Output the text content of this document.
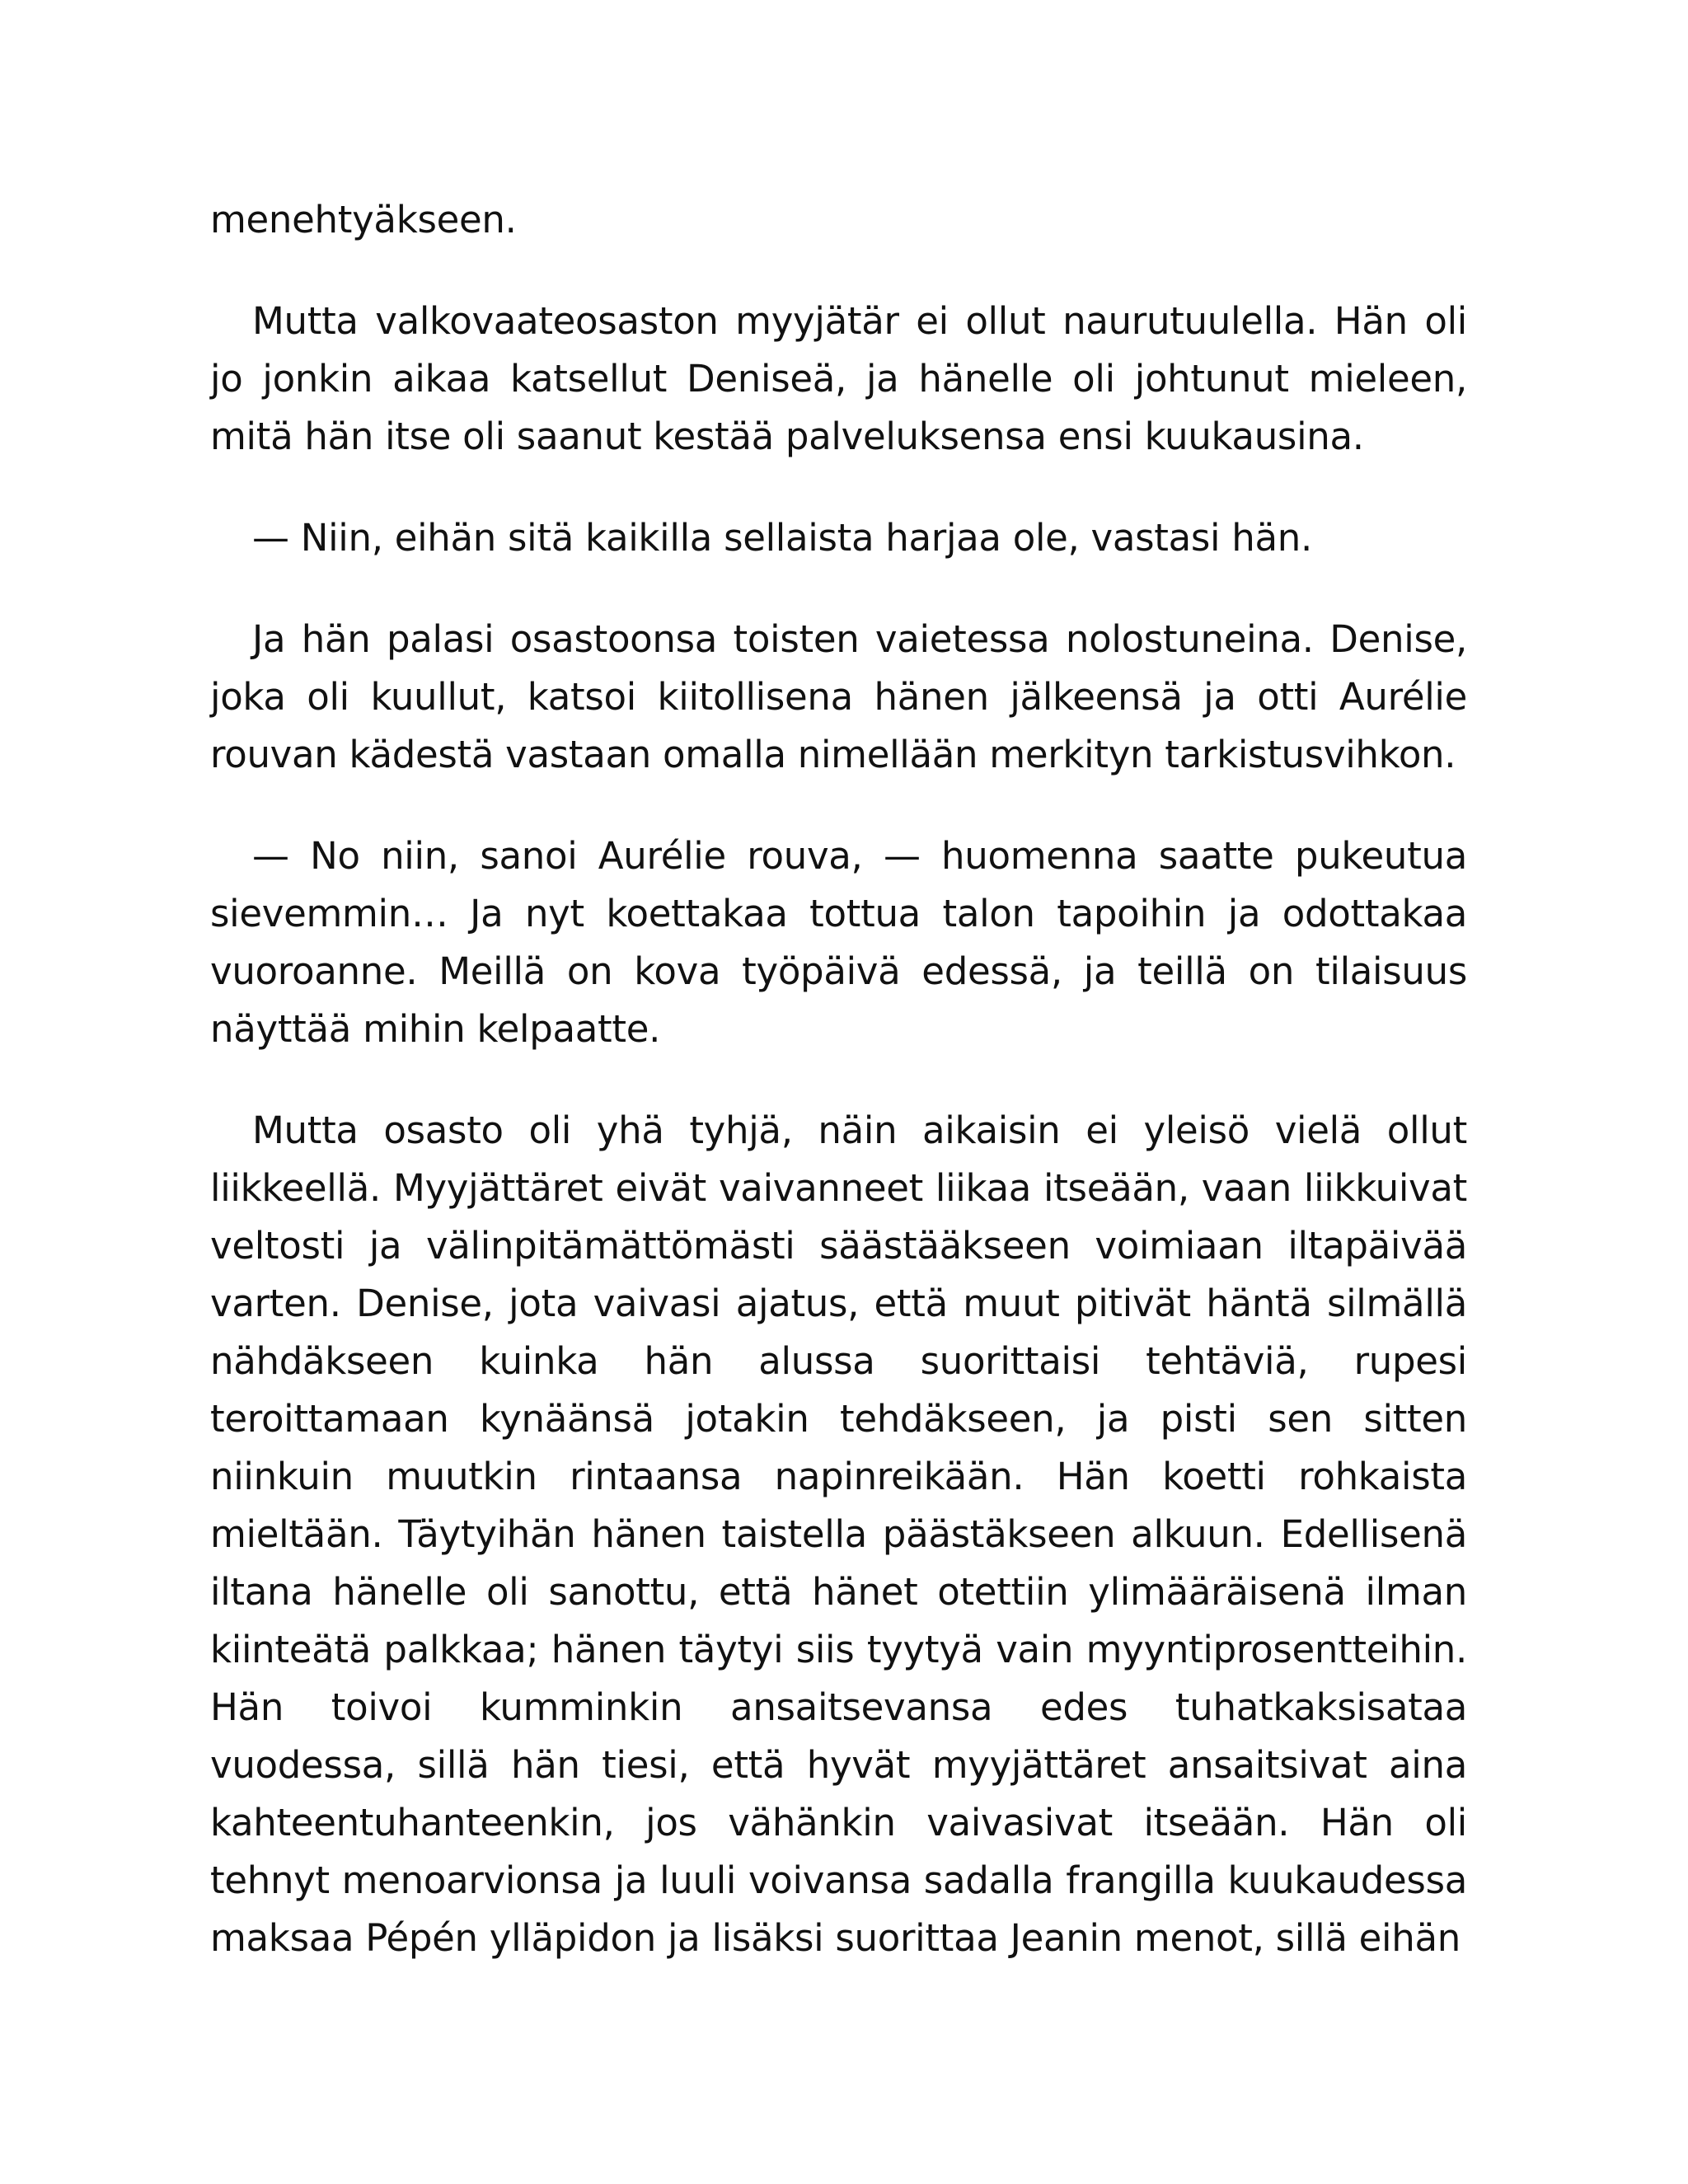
menehtyäkseen.

Mutta valkovaateosaston myyjätär ei ollut naurutuulella. Hän oli jo jonkin aikaa katsellut Deniseä, ja hänelle oli johtunut mieleen, mitä hän itse oli saanut kestää palveluksensa ensi kuukausina.

— Niin, eihän sitä kaikilla sellaista harjaa ole, vastasi hän.

Ja hän palasi osastoonsa toisten vaietessa nolostuneina. Denise, joka oli kuullut, katsoi kiitollisena hänen jälkeensä ja otti Aurélie rouvan kädestä vastaan omalla nimellään merkityn tarkistusvihkon.

— No niin, sanoi Aurélie rouva, — huomenna saatte pukeutua sievemmin… Ja nyt koettakaa tottua talon tapoihin ja odottakaa vuoroanne. Meillä on kova työpäivä edessä, ja teillä on tilaisuus näyttää mihin kelpaatte.

Mutta osasto oli yhä tyhjä, näin aikaisin ei yleisö vielä ollut liikkeellä. Myyjättäret eivät vaivanneet liikaa itseään, vaan liikkuivat veltosti ja välinpitämättömästi säästääkseen voimiaan iltapäivää varten. Denise, jota vaivasi ajatus, että muut pitivät häntä silmällä nähdäkseen kuinka hän alussa suorittaisi tehtäviä, rupesi teroittamaan kynäänsä jotakin tehdäkseen, ja pisti sen sitten niinkuin muutkin rintaansa napinreikään. Hän koetti rohkaista mieltään. Täytyihän hänen taistella päästäkseen alkuun. Edellisenä iltana hänelle oli sanottu, että hänet otettiin ylimääräisenä ilman kiinteätä palkkaa; hänen täytyi siis tyytyä vain myyntiprosentteihin. Hän toivoi kumminkin ansaitsevansa edes tuhatkaksisataa vuodessa, sillä hän tiesi, että hyvät myyjättäret ansaitsivat aina kahteentuhanteenkin, jos vähänkin vaivasivat itseään. Hän oli tehnyt menoarvionsa ja luuli voivansa sadalla frangilla kuukaudessa maksaa Pépén ylläpidon ja lisäksi suorittaa Jeanin menot, sillä eihän
